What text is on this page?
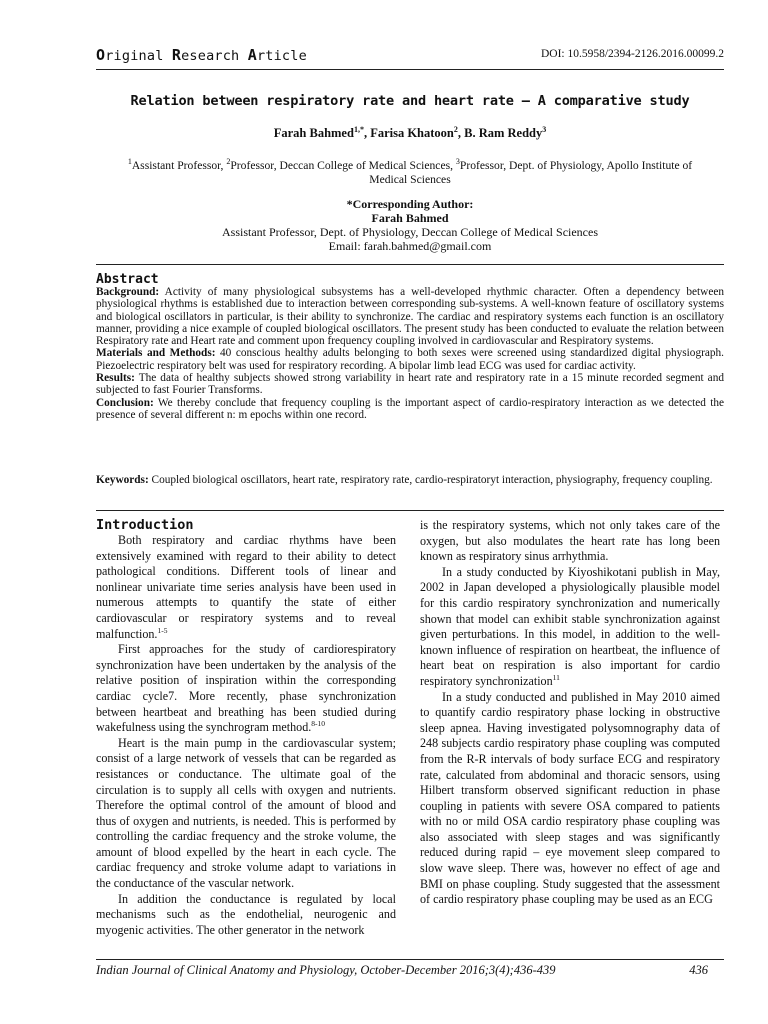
Original Research Article	DOI: 10.5958/2394-2126.2016.00099.2
Relation between respiratory rate and heart rate – A comparative study
Farah Bahmed$^{1,*}$, Farisa Khatoon$^2$, B. Ram Reddy$^3$
$^1$Assistant Professor, $^2$Professor, Deccan College of Medical Sciences, $^3$Professor, Dept. of Physiology, Apollo Institute of Medical Sciences
*Corresponding Author:
Farah Bahmed
Assistant Professor, Dept. of Physiology, Deccan College of Medical Sciences
Email: farah.bahmed@gmail.com
Abstract

Background: Activity of many physiological subsystems has a well-developed rhythmic character. Often a dependency between physiological rhythms is established due to interaction between corresponding sub-systems. A well-known feature of oscillatory systems and biological oscillators in particular, is their ability to synchronize. The cardiac and respiratory systems each function is an oscillatory manner, providing a nice example of coupled biological oscillators. The present study has been conducted to evaluate the relation between Respiratory rate and Heart rate and comment upon frequency coupling involved in cardiovascular and Respiratory systems.

Materials and Methods: 40 conscious healthy adults belonging to both sexes were screened using standardized digital physiograph. Piezoelectric respiratory belt was used for respiratory recording. A bipolar limb lead ECG was used for cardiac activity.

Results: The data of healthy subjects showed strong variability in heart rate and respiratory rate in a 15 minute recorded segment and subjected to fast Fourier Transforms.

Conclusion: We thereby conclude that frequency coupling is the important aspect of cardio-respiratory interaction as we detected the presence of several different n: m epochs within one record.

Keywords: Coupled biological oscillators, heart rate, respiratory rate, cardio-respiratoryt interaction, physiography, frequency coupling.
Introduction

Both respiratory and cardiac rhythms have been extensively examined with regard to their ability to detect pathological conditions. Different tools of linear and nonlinear univariate time series analysis have been used in numerous attempts to quantify the state of either cardiovascular or respiratory systems and to reveal malfunction.$^{1-5}$

First approaches for the study of cardiorespiratory synchronization have been undertaken by the analysis of the relative position of inspiration within the corresponding cardiac cycle7. More recently, phase synchronization between heartbeat and breathing has been studied during wakefulness using the synchrogram method.$^{8-10}$

Heart is the main pump in the cardiovascular system; consist of a large network of vessels that can be regarded as resistances or conductance. The ultimate goal of the circulation is to supply all cells with oxygen and nutrients. Therefore the optimal control of the amount of blood and thus of oxygen and nutrients, is needed. This is performed by controlling the cardiac frequency and the stroke volume, the amount of blood expelled by the heart in each cycle. The cardiac frequency and stroke volume adapt to variations in the conductance of the vascular network.

In addition the conductance is regulated by local mechanisms such as the endothelial, neurogenic and myogenic activities. The other generator in the network

is the respiratory systems, which not only takes care of the oxygen, but also modulates the heart rate has long been known as respiratory sinus arrhythmia.

In a study conducted by Kiyoshikotani publish in May, 2002 in Japan developed a physiologically plausible model for this cardio respiratory synchronization and numerically shown that model can exhibit stable synchronization against given perturbations. In this model, in addition to the well-known influence of respiration on heartbeat, the influence of heart beat on respiration is also important for cardio respiratory synchronization$^{11}$

In a study conducted and published in May 2010 aimed to quantify cardio respiratory phase locking in obstructive sleep apnea. Having investigated polysomnography data of 248 subjects cardio respiratory phase coupling was computed from the R-R intervals of body surface ECG and respiratory rate, calculated from abdominal and thoracic sensors, using Hilbert transform observed significant reduction in phase coupling in patients with severe OSA compared to patients with no or mild OSA cardio respiratory phase coupling was also associated with sleep stages and was significantly reduced during rapid – eye movement sleep compared to slow wave sleep. There was, however no effect of age and BMI on phase coupling. Study suggested that the assessment of cardio respiratory phase coupling may be used as an ECG

Indian Journal of Clinical Anatomy and Physiology, October-December 2016;3(4);436-439	436
